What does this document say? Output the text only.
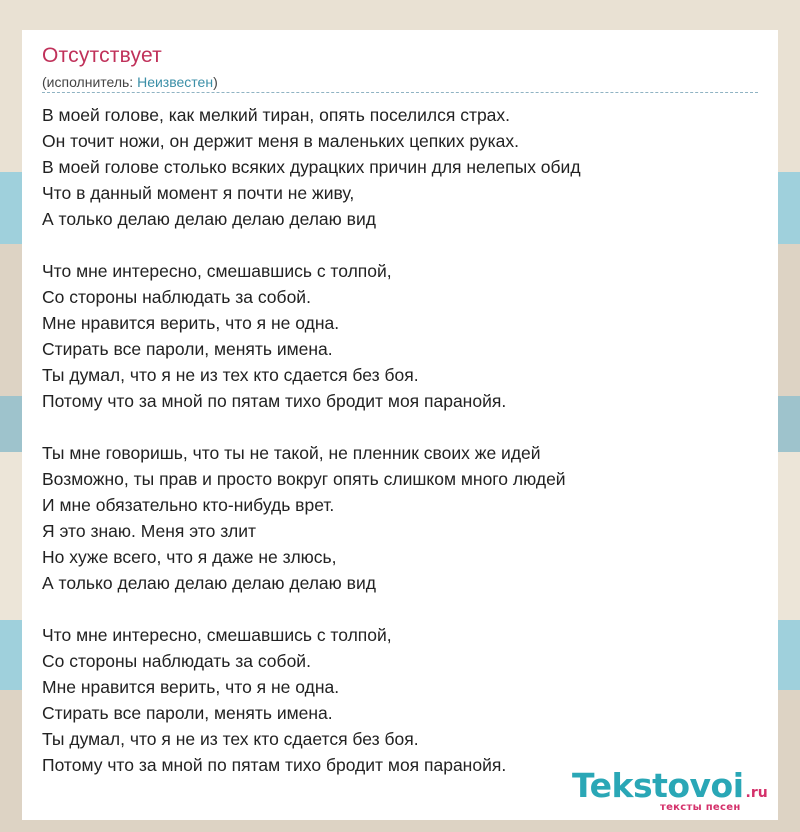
Отсутствует
(исполнитель: Неизвестен)
В моей голове, как мелкий тиран, опять поселился страх.
Он точит ножи, он держит меня в маленьких цепких руках.
В моей голове столько всяких дурацких причин для нелепых обид
Что в данный момент я почти не живу,
А только делаю делаю делаю делаю вид
Что мне интересно, смешавшись с толпой,
Со стороны наблюдать за собой.
Мне нравится верить, что я не одна.
Стирать все пароли, менять имена.
Ты думал, что я не из тех кто сдается без боя.
Потому что за мной по пятам тихо бродит моя паранойя.
Ты мне говоришь, что ты не такой, не пленник своих же идей
Возможно, ты прав и просто вокруг опять слишком много людей
И мне обязательно кто-нибудь врет.
Я это знаю. Меня это злит
Но хуже всего, что я даже не злюсь,
А только делаю делаю делаю делаю вид
Что мне интересно, смешавшись с толпой,
Со стороны наблюдать за собой.
Мне нравится верить, что я не одна.
Стирать все пароли, менять имена.
Ты думал, что я не из тех кто сдается без боя.
Потому что за мной по пятам тихо бродит моя паранойя.
Tekstovoi .ru
тексты песен
